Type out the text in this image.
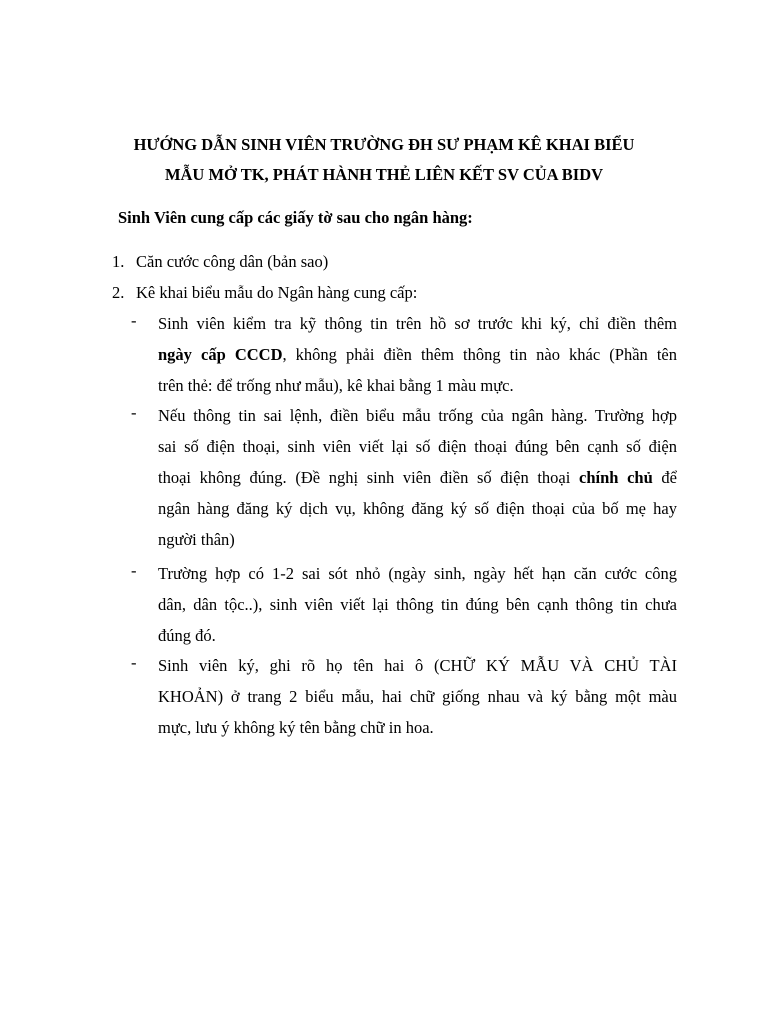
HƯỚNG DẪN SINH VIÊN TRƯỜNG ĐH SƯ PHẠM KÊ KHAI BIỂU
MẪU MỞ TK, PHÁT HÀNH THẺ LIÊN KẾT SV CỦA BIDV
Sinh Viên cung cấp các giấy tờ sau cho ngân hàng:
1. Căn cước công dân (bản sao)
2. Kê khai biểu mẫu do Ngân hàng cung cấp:
-	Sinh viên kiểm tra kỹ thông tin trên hồ sơ trước khi ký, chỉ điền thêm
ngày cấp CCCD, không phải điền thêm thông tin nào khác (Phần tên
trên thẻ: để trống như mẫu), kê khai bằng 1 màu mực.
-	Nếu thông tin sai lệnh, điền biểu mẫu trống của ngân hàng. Trường hợp
sai số điện thoại, sinh viên viết lại số điện thoại đúng bên cạnh số điện
thoại không đúng. (Đề nghị sinh viên điền số điện thoại chính chủ để
ngân hàng đăng ký dịch vụ, không đăng ký số điện thoại của bố mẹ hay
người thân)
-	Trường hợp có 1-2 sai sót nhỏ (ngày sinh, ngày hết hạn căn cước công
dân, dân tộc..), sinh viên viết lại thông tin đúng bên cạnh thông tin chưa
đúng đó.
-	Sinh viên ký, ghi rõ họ tên hai ô (CHỮ KÝ MẪU VÀ CHỦ TÀI
KHOẢN) ở trang 2 biểu mẫu, hai chữ giống nhau và ký bằng một màu
mực, lưu ý không ký tên bằng chữ in hoa.
